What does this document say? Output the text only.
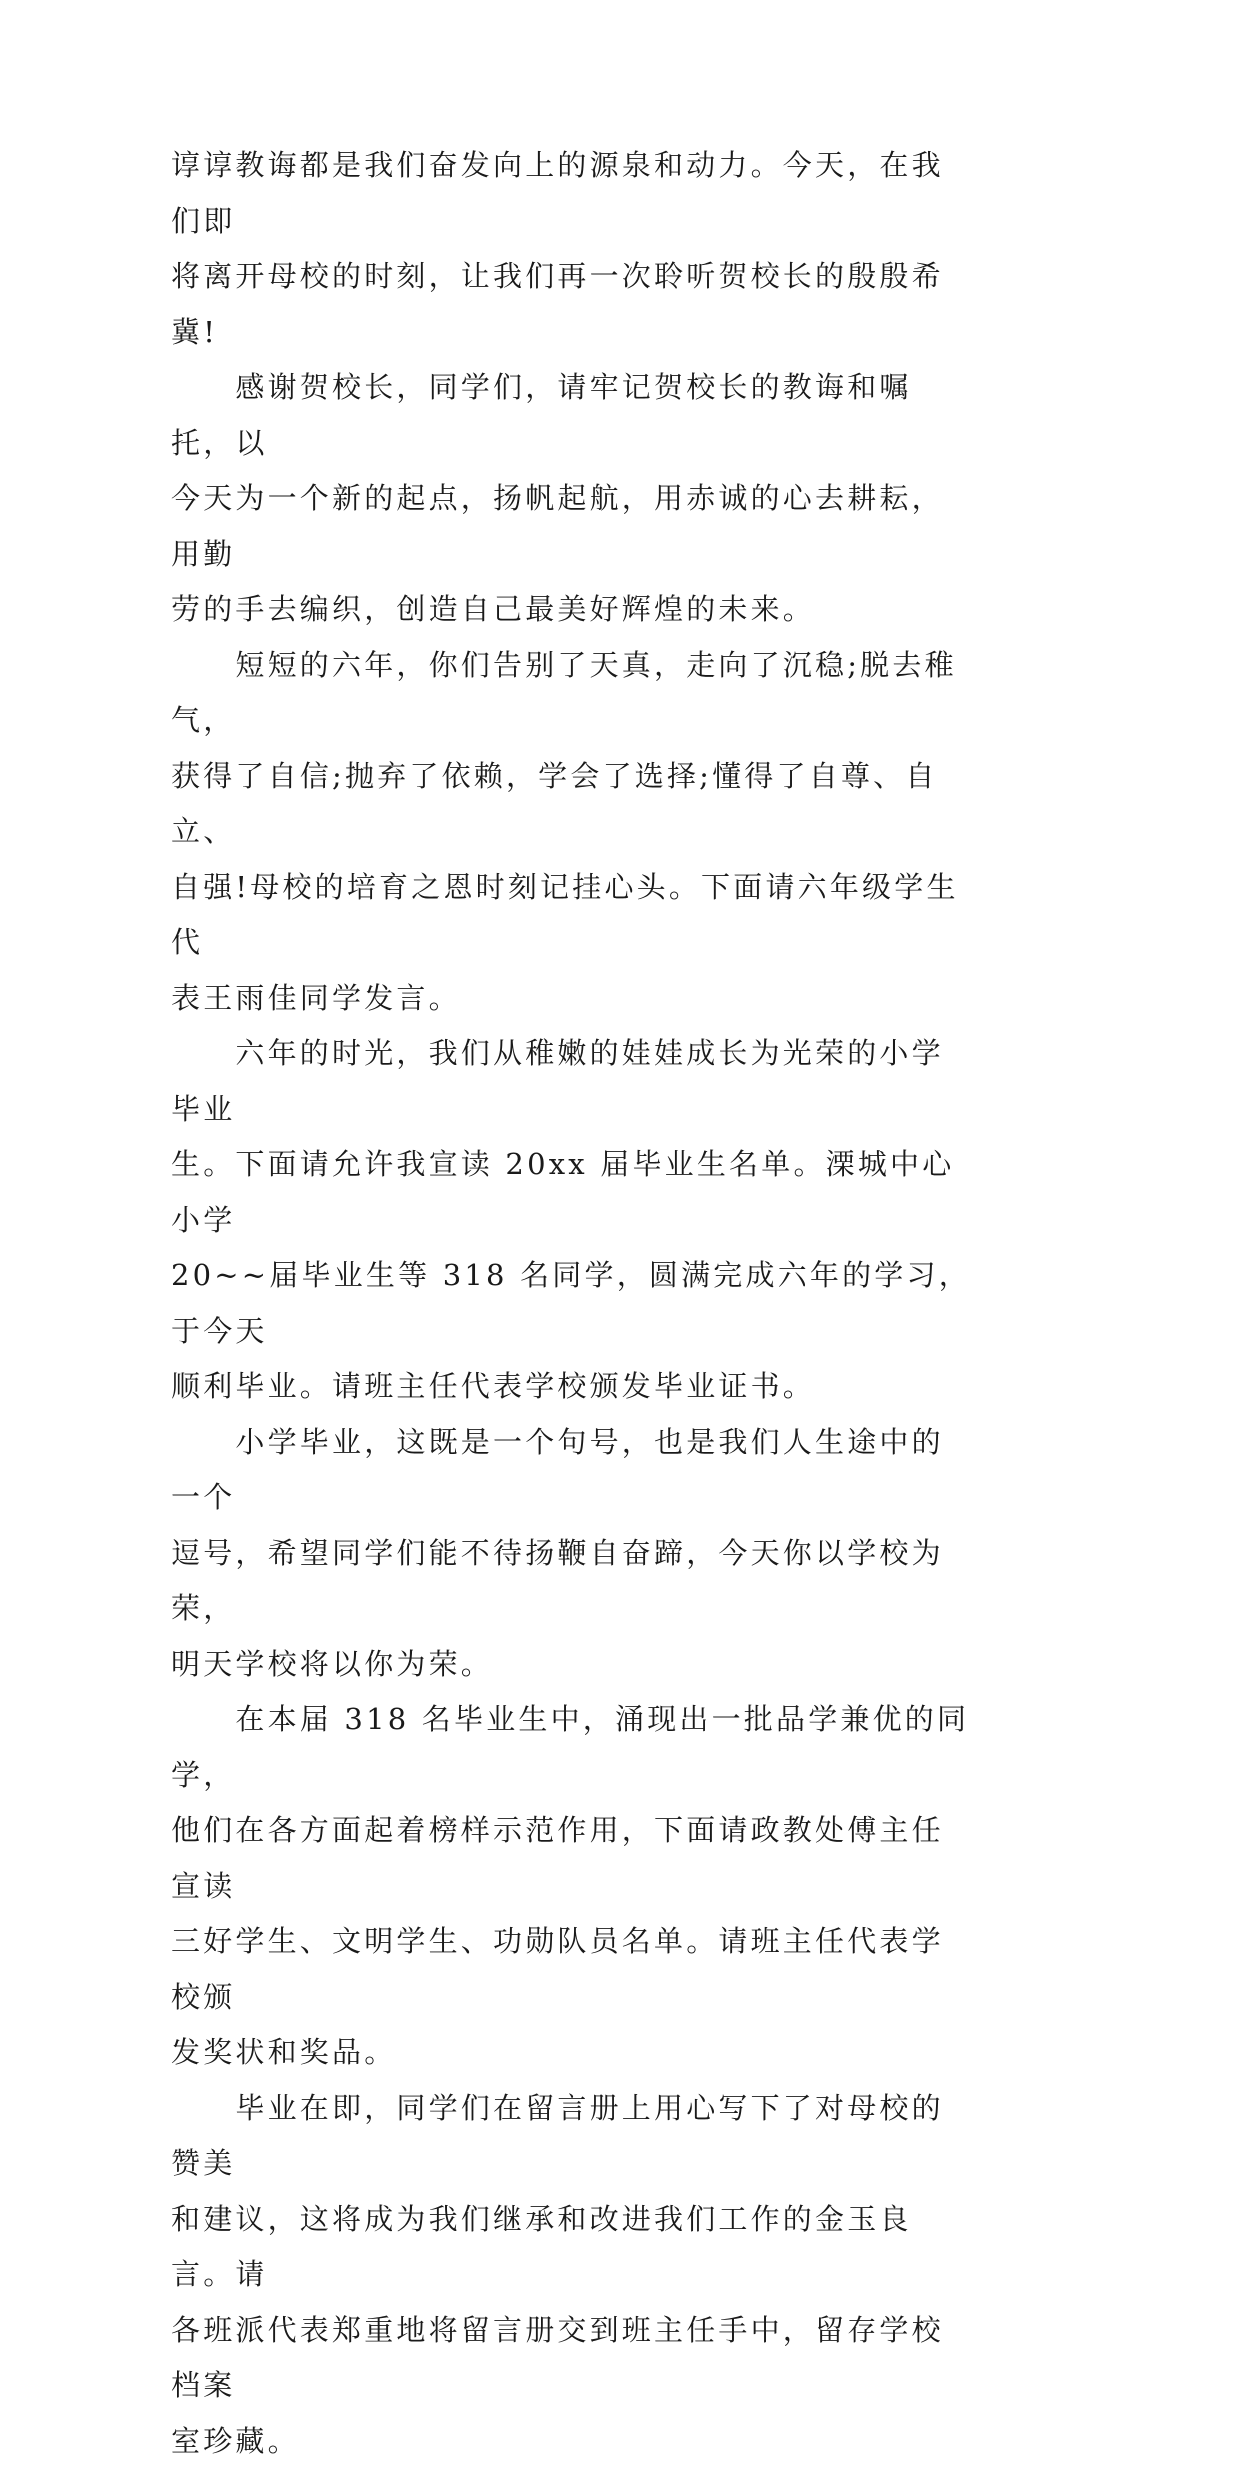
谆谆教诲都是我们奋发向上的源泉和动力。今天，在我们即
将离开母校的时刻，让我们再一次聆听贺校长的殷殷希冀!

　　感谢贺校长，同学们，请牢记贺校长的教诲和嘱托，以
今天为一个新的起点，扬帆起航，用赤诚的心去耕耘，用勤
劳的手去编织，创造自己最美好辉煌的未来。

　　短短的六年，你们告别了天真，走向了沉稳;脱去稚气，
获得了自信;抛弃了依赖，学会了选择;懂得了自尊、自立、
自强!母校的培育之恩时刻记挂心头。下面请六年级学生代
表王雨佳同学发言。

　　六年的时光，我们从稚嫩的娃娃成长为光荣的小学毕业
生。下面请允许我宣读 20xx 届毕业生名单。溧城中心小学
20~~届毕业生等 318 名同学，圆满完成六年的学习，于今天
顺利毕业。请班主任代表学校颁发毕业证书。

　　小学毕业，这既是一个句号，也是我们人生途中的一个
逗号，希望同学们能不待扬鞭自奋蹄，今天你以学校为荣，
明天学校将以你为荣。

　　在本届 318 名毕业生中，涌现出一批品学兼优的同学，
他们在各方面起着榜样示范作用，下面请政教处傅主任宣读
三好学生、文明学生、功勋队员名单。请班主任代表学校颁
发奖状和奖品。

　　毕业在即，同学们在留言册上用心写下了对母校的赞美
和建议，这将成为我们继承和改进我们工作的金玉良言。请
各班派代表郑重地将留言册交到班主任手中，留存学校档案
室珍藏。
